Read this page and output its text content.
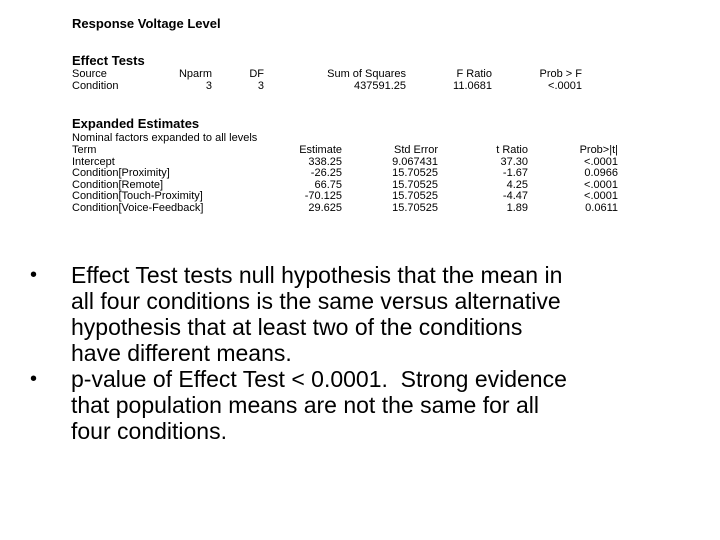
Response Voltage Level
Effect Tests
Source	Nparm	DF	Sum of Squares	F Ratio	Prob > F
Condition	3	3	437591.25	11.0681	<.0001
Expanded Estimates
Nominal factors expanded to all levels
Term	Estimate	Std Error	t Ratio	Prob>|t|
Intercept	338.25	9.067431	37.30	<.0001
Condition[Proximity]	-26.25	15.70525	-1.67	0.0966
Condition[Remote]	66.75	15.70525	4.25	<.0001
Condition[Touch-Proximity]	-70.125	15.70525	-4.47	<.0001
Condition[Voice-Feedback]	29.625	15.70525	1.89	0.0611
•	Effect Test tests null hypothesis that the mean in
all four conditions is the same versus alternative
hypothesis that at least two of the conditions
have different means.
•	p-value of Effect Test < 0.0001.  Strong evidence
that population means are not the same for all
four conditions.
